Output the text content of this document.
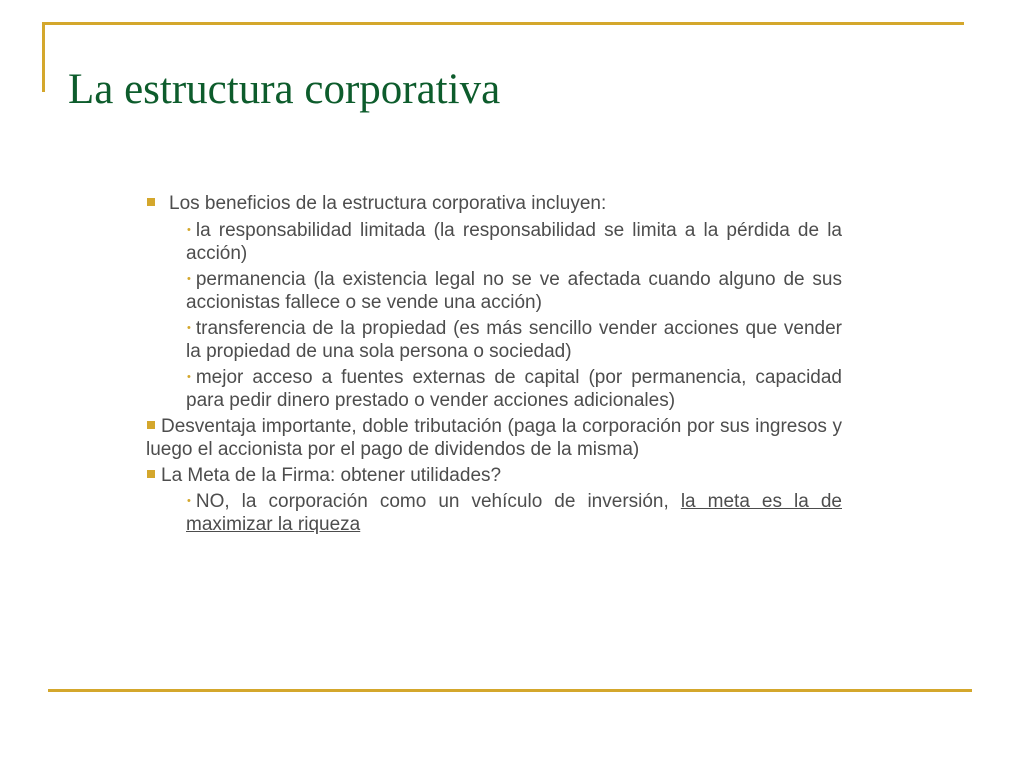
La estructura corporativa
Los beneficios de la estructura corporativa incluyen:
• la responsabilidad limitada (la responsabilidad se limita a la pérdida de la acción)
• permanencia (la existencia legal no se ve afectada cuando alguno de sus accionistas fallece o se vende una acción)
• transferencia de la propiedad (es más sencillo vender acciones que vender la propiedad de una sola persona o sociedad)
• mejor acceso a fuentes externas de capital (por permanencia, capacidad para pedir dinero prestado o vender acciones adicionales)
Desventaja importante, doble tributación (paga la corporación por sus ingresos y luego el accionista por el pago de dividendos de la misma)
La Meta de la Firma: obtener utilidades?
• NO, la corporación como un vehículo de inversión, la meta es la de maximizar la riqueza
